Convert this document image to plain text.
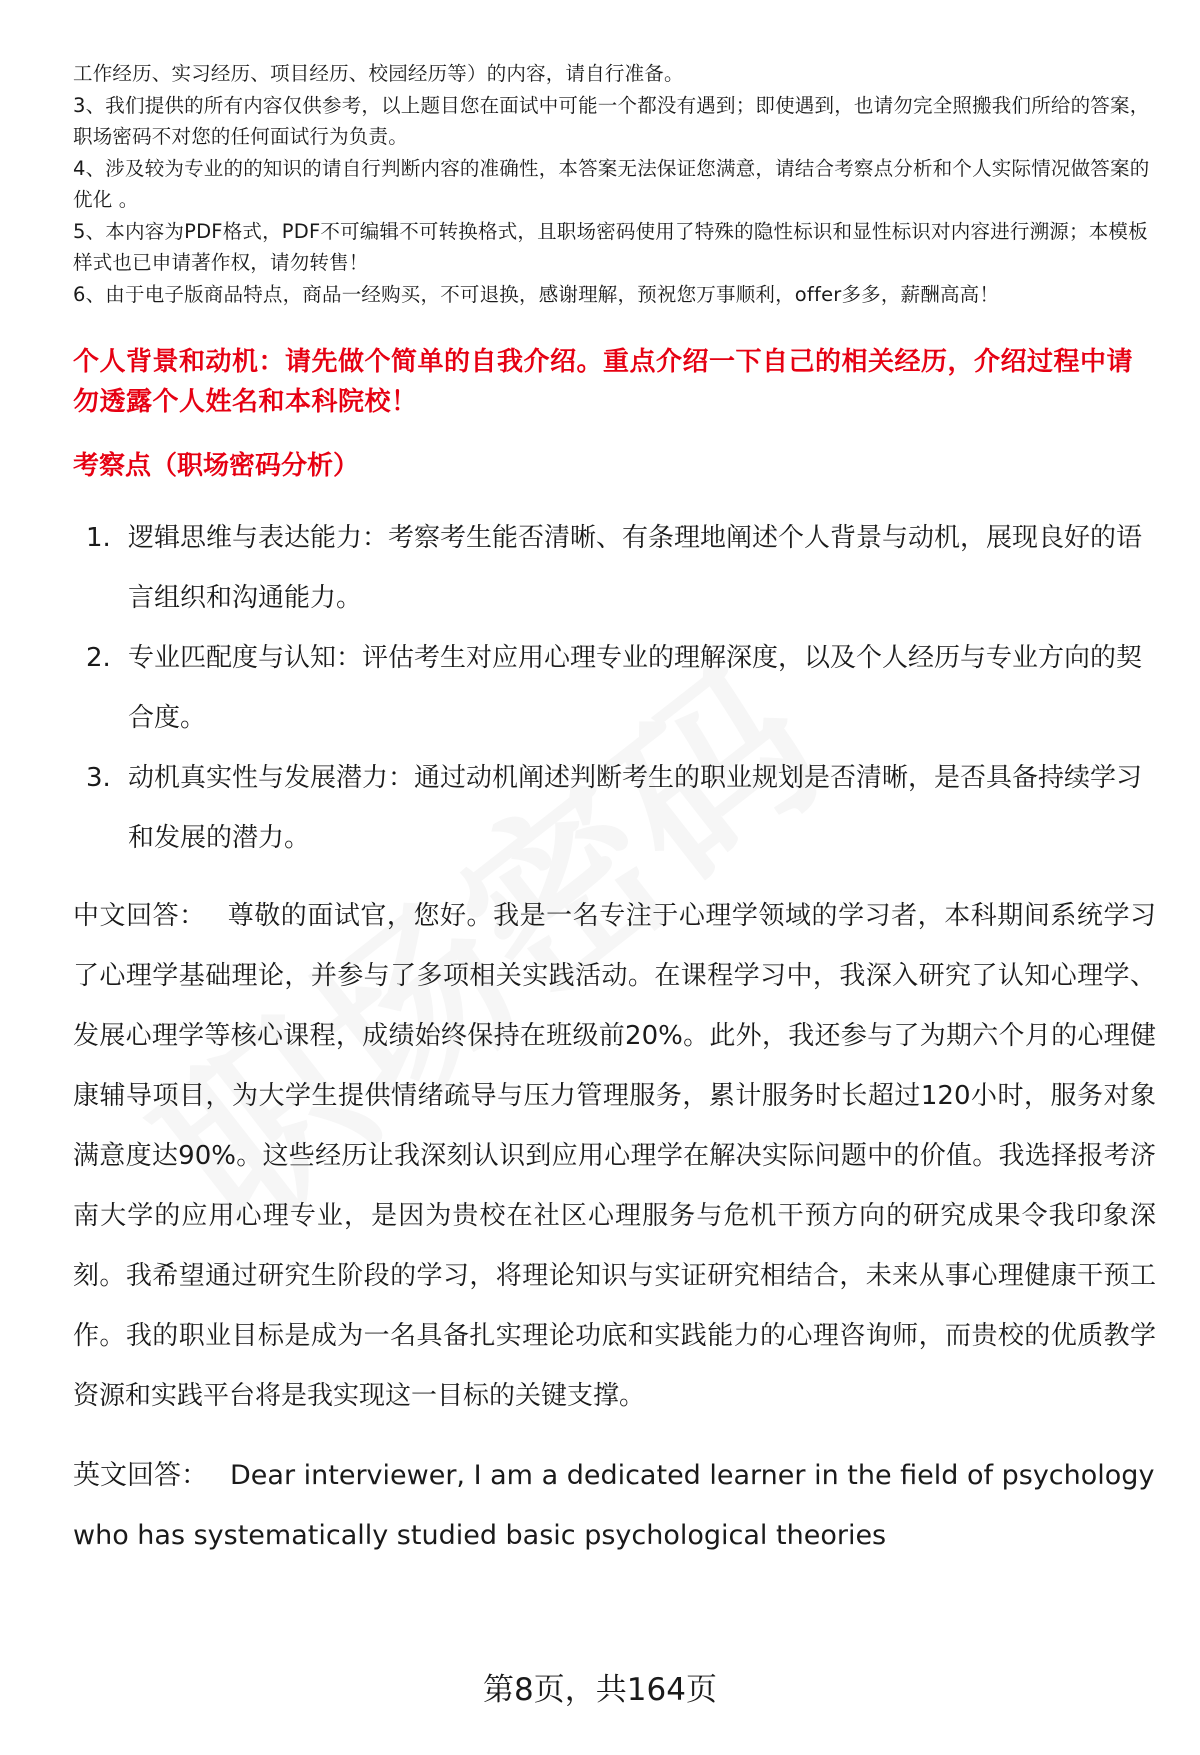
工作经历、实习经历、项目经历、校园经历等）的内容，请自行准备。

3、我们提供的所有内容仅供参考，以上题目您在面试中可能一个都没有遇到；即使遇到，也请勿完全照搬我们所给的答案，职场密码不对您的任何面试行为负责。

4、涉及较为专业的的知识的请自行判断内容的准确性，本答案无法保证您满意，请结合考察点分析和个人实际情况做答案的优化 。

5、本内容为PDF格式，PDF不可编辑不可转换格式，且职场密码使用了特殊的隐性标识和显性标识对内容进行溯源；本模板样式也已申请著作权，请勿转售！

6、由于电子版商品特点，商品一经购买，不可退换，感谢理解，预祝您万事顺利，offer多多，薪酬高高！

个人背景和动机：请先做个简单的自我介绍。重点介绍一下自己的相关经历，介绍过程中请勿透露个人姓名和本科院校！
考察点（职场密码分析）
1. 逻辑思维与表达能力：考察考生能否清晰、有条理地阐述个人背景与动机，展现良好的语言组织和沟通能力。
2. 专业匹配度与认知：评估考生对应用心理专业的理解深度，以及个人经历与专业方向的契合度。
3. 动机真实性与发展潜力：通过动机阐述判断考生的职业规划是否清晰，是否具备持续学习和发展的潜力。

中文回答： 尊敬的面试官，您好。我是一名专注于心理学领域的学习者，本科期间系统学习了心理学基础理论，并参与了多项相关实践活动。在课程学习中，我深入研究了认知心理学、发展心理学等核心课程，成绩始终保持在班级前20%。此外，我还参与了为期六个月的心理健康辅导项目，为大学生提供情绪疏导与压力管理服务，累计服务时长超过120小时，服务对象满意度达90%。这些经历让我深刻认识到应用心理学在解决实际问题中的价值。我选择报考济南大学的应用心理专业，是因为贵校在社区心理服务与危机干预方向的研究成果令我印象深刻。我希望通过研究生阶段的学习，将理论知识与实证研究相结合，未来从事心理健康干预工作。我的职业目标是成为一名具备扎实理论功底和实践能力的心理咨询师，而贵校的优质教学资源和实践平台将是我实现这一目标的关键支撑。

英文回答： Dear interviewer, I am a dedicated learner in the field of psychology who has systematically studied basic psychological theories

第8页，共164页
